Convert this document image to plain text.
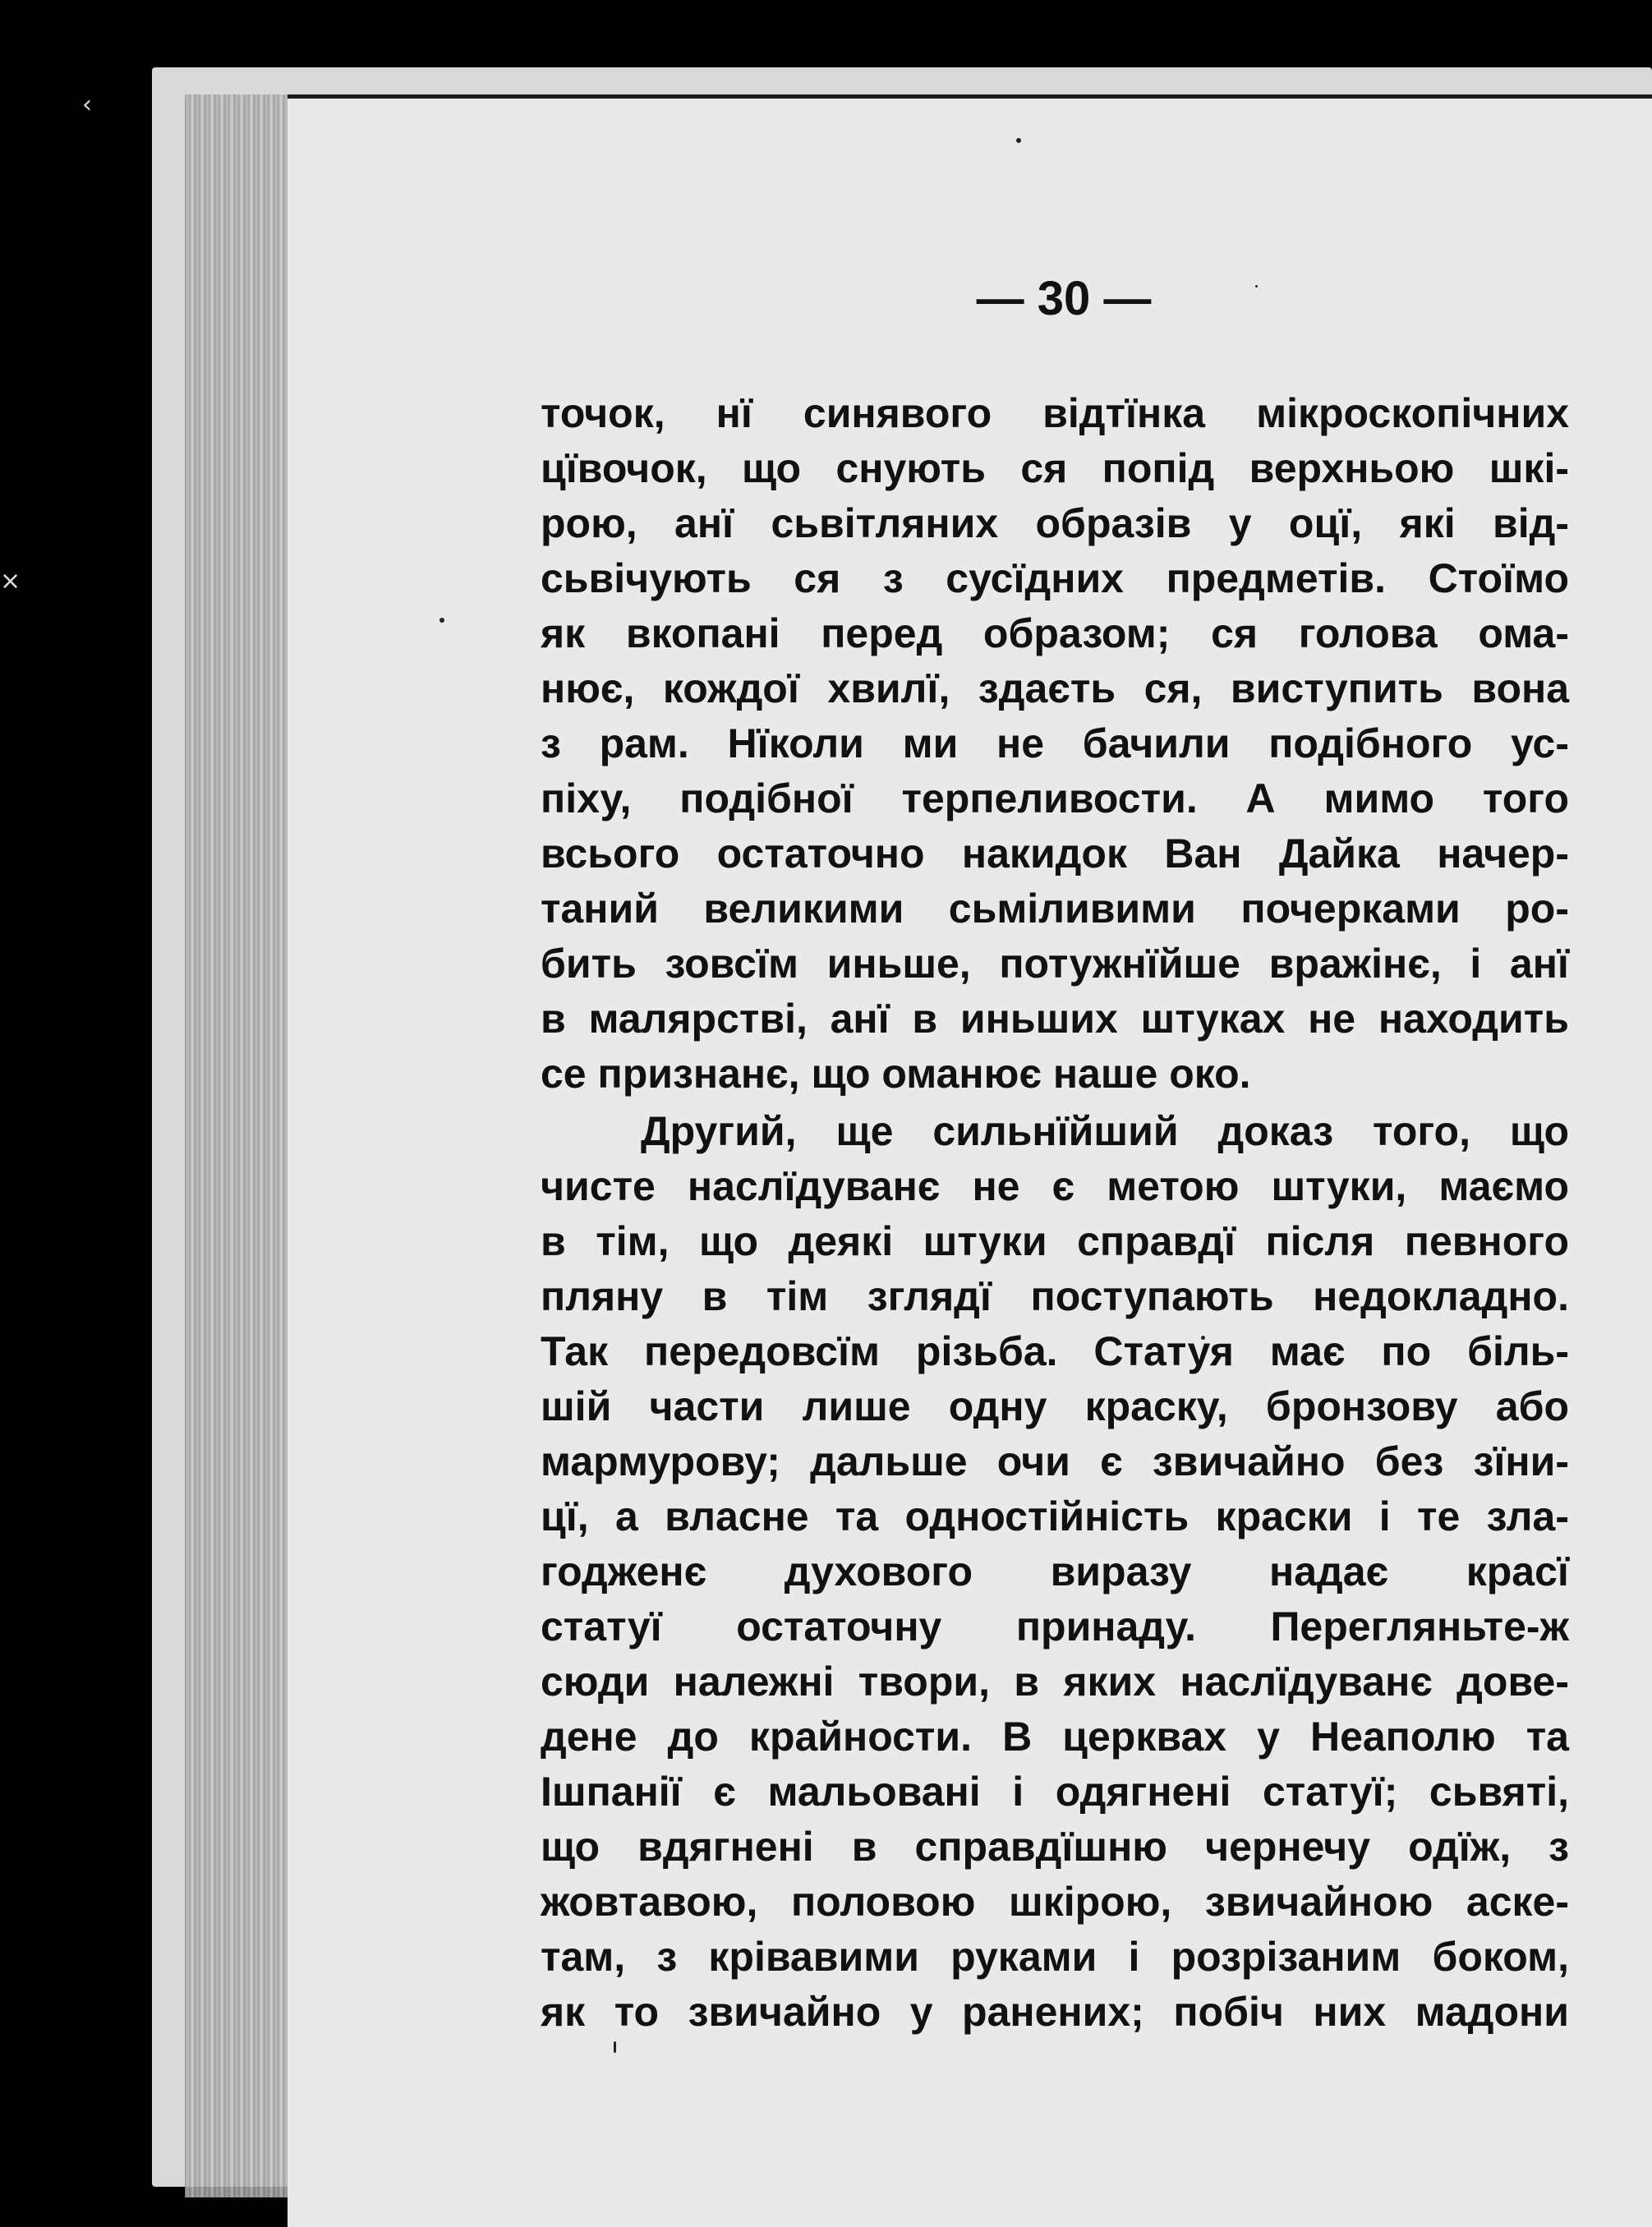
‹
×
— 30 —
точок, нї синявого відтїнка мікроскопічних
цївочок, що снують ся попід верхньою шкі-
рою, анї сьвітляних образів у оцї, які від-
сьвічують ся з сусїдних предметів. Стоїмо
як вкопані перед образом; ся голова ома-
нює, кождої хвилї, здаєть ся, виступить вона
з рам. Нїколи ми не бачили подібного ус-
піху, подібної терпеливости. А мимо того
всього остаточно накидок Ван Дайка начер-
таний великими сьміливими почерками ро-
бить зовсїм иньше, потужнїйше вражінє, і анї
в малярстві, анї в иньших штуках не находить
се признанє, що оманює наше око.
Другий, ще сильнїйший доказ того, що
чисте наслїдуванє не є метою штуки, маємо
в тім, що деякі штуки справдї після певного
пляну в тім зглядї поступають недокладно.
Так передовсїм різьба. Статуя має по біль-
шій части лише одну краску, бронзову або
мармурову; дальше очи є звичайно без зїни-
цї, а власне та одностійність краски і те зла-
годженє духового виразу надає красї
статуї остаточну принаду. Перегляньте-ж
сюди належні твори, в яких наслїдуванє дове-
дене до крайности. В церквах у Неаполю та
Ішпанії є мальовані і одягнені статуї; сьвяті,
що вдягнені в справдїшню чернечу одїж, з
жовтавою, половою шкірою, звичайною аске-
там, з крівавими руками і розрізаним боком,
як то звичайно у ранених; побіч них мадони
